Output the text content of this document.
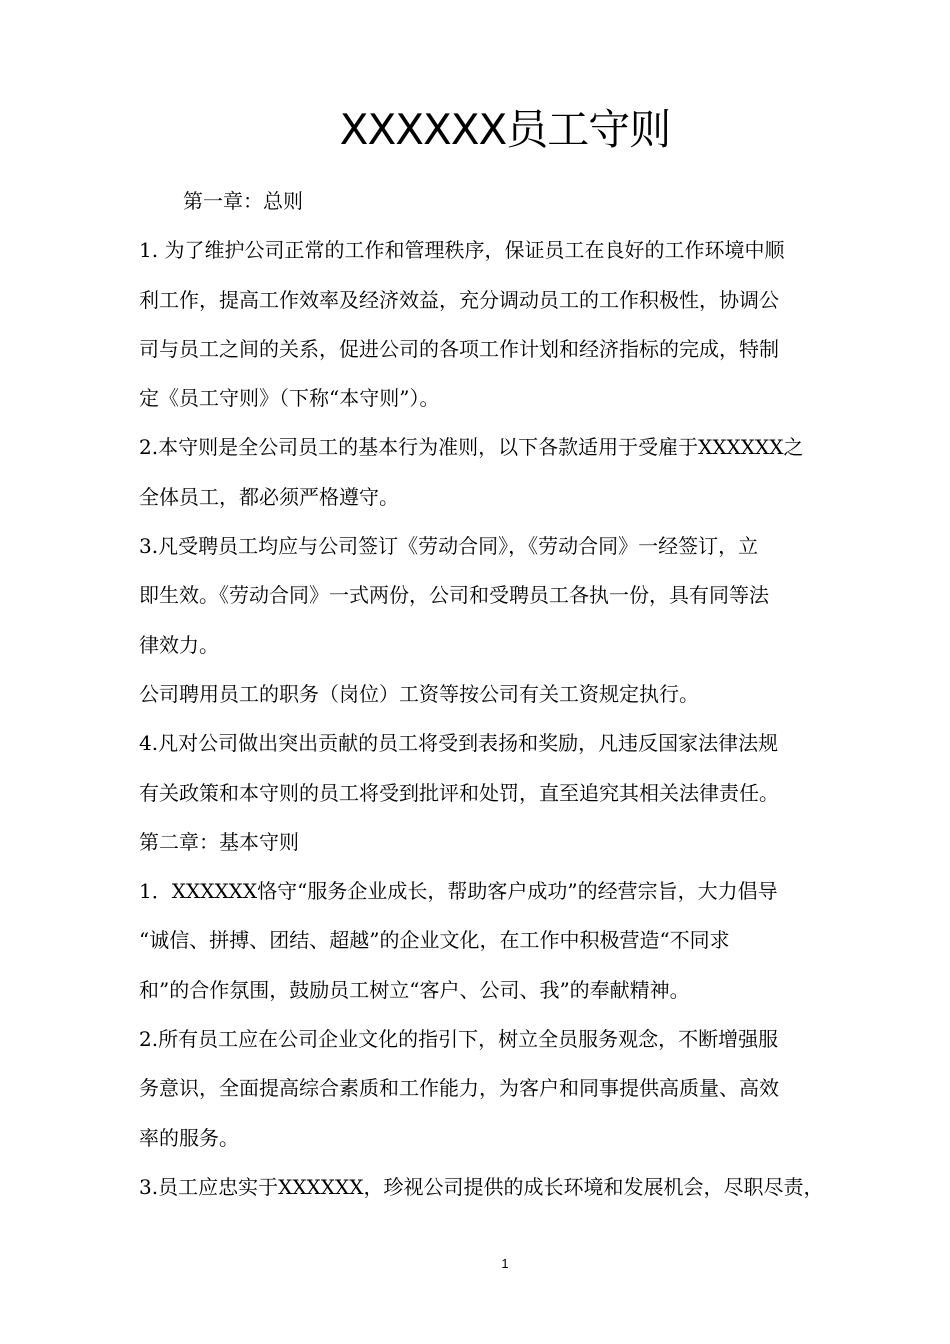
XXXXXX员工守则
第一章：总则
1. 为了维护公司正常的工作和管理秩序，保证员工在良好的工作环境中顺
利工作，提高工作效率及经济效益，充分调动员工的工作积极性，协调公
司与员工之间的关系，促进公司的各项工作计划和经济指标的完成，特制
定《员工守则》（下称“本守则”）。
2.本守则是全公司员工的基本行为准则，以下各款适用于受雇于XXXXXX之
全体员工，都必须严格遵守。
3.凡受聘员工均应与公司签订《劳动合同》，《劳动合同》一经签订，立
即生效。《劳动合同》一式两份，公司和受聘员工各执一份，具有同等法
律效力。
公司聘用员工的职务（岗位）工资等按公司有关工资规定执行。
4.凡对公司做出突出贡献的员工将受到表扬和奖励，凡违反国家法律法规
有关政策和本守则的员工将受到批评和处罚，直至追究其相关法律责任。
第二章：基本守则
1．XXXXXX恪守“服务企业成长，帮助客户成功”的经营宗旨，大力倡导
“诚信、拼搏、团结、超越”的企业文化，在工作中积极营造“不同求
和”的合作氛围，鼓励员工树立“客户、公司、我”的奉献精神。
2.所有员工应在公司企业文化的指引下，树立全员服务观念，不断增强服
务意识，全面提高综合素质和工作能力，为客户和同事提供高质量、高效
率的服务。
3.员工应忠实于XXXXXX，珍视公司提供的成长环境和发展机会，尽职尽责，
1
